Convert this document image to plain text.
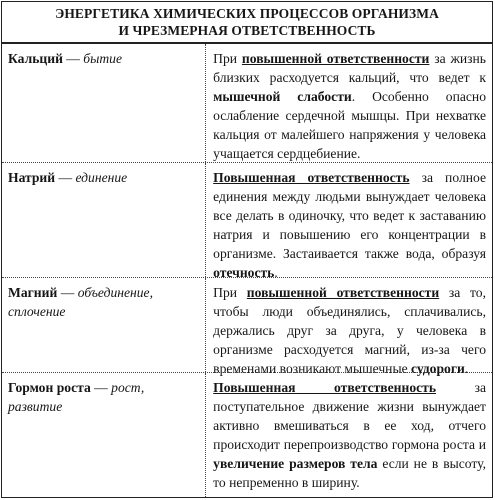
ЭНЕРГЕТИКА ХИМИЧЕСКИХ ПРОЦЕССОВ ОРГАНИЗМА
И ЧРЕЗМЕРНАЯ ОТВЕТСТВЕННОСТЬ
Кальций — бытие	При повышенной ответственности за жизнь близких расходуется кальций, что ведет к мышечной слабости. Особенно опасно ослабление сердечной мышцы. При нехватке кальция от малейшего напряжения у человека учащается сердцебиение.
Натрий — единение	Повышенная ответственность за полное единения между людьми вынуждает человека все делать в одиночку, что ведет к заставанию натрия и повышению его концентрации в организме. Застаивается также вода, образуя отечность.
Магний — объединение, сплочение
При повышенной ответственности за то, чтобы люди объединялись, сплачивались, держались друг за друга, у человека в организме расходуется магний, из-за чего временами возникают мышечные судороги.
Гормон роста — рост, развитие
Повышенная ответственность за поступательное движение жизни вынуждает активно вмешиваться в ее ход, отчего происходит перепроизводство гормона роста и увеличение размеров тела если не в высоту, то непременно в ширину.
